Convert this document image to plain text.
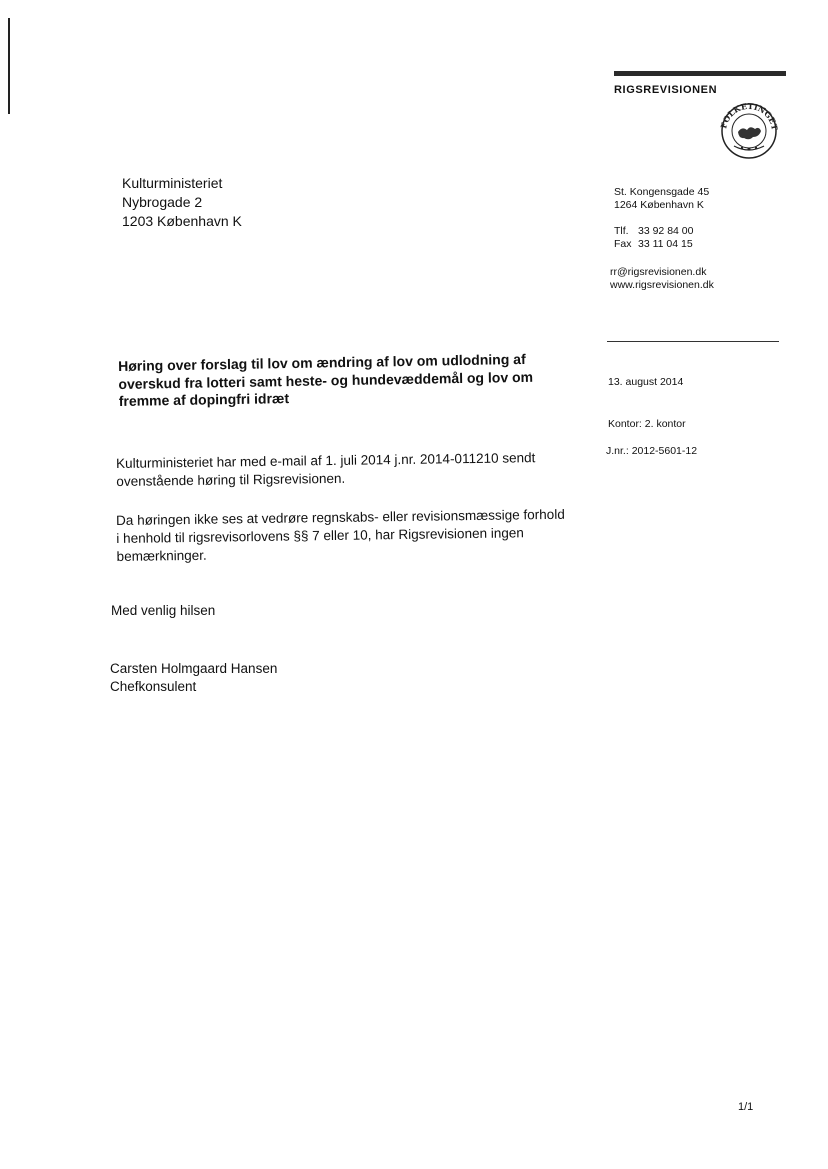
RIGSREVISIONEN
FOLKETINGET
Kulturministeriet
Nybrogade 2
1203 København K
St. Kongensgade 45
1264 København K
Tlf. 33 92 84 00
Fax 33 11 04 15
rr@rigsrevisionen.dk
www.rigsrevisionen.dk
Høring over forslag til lov om ændring af lov om udlodning af overskud fra lotteri samt heste- og hundevæddemål og lov om fremme af dopingfri idræt
13. august 2014
Kontor: 2. kontor
J.nr.: 2012-5601-12
Kulturministeriet har med e-mail af 1. juli 2014 j.nr. 2014-011210 sendt ovenstående høring til Rigsrevisionen.
Da høringen ikke ses at vedrøre regnskabs- eller revisionsmæssige forhold i henhold til rigsrevisorlovens §§ 7 eller 10, har Rigsrevisionen ingen bemærkninger.
Med venlig hilsen
Carsten Holmgaard Hansen
Chefkonsulent
1/1
